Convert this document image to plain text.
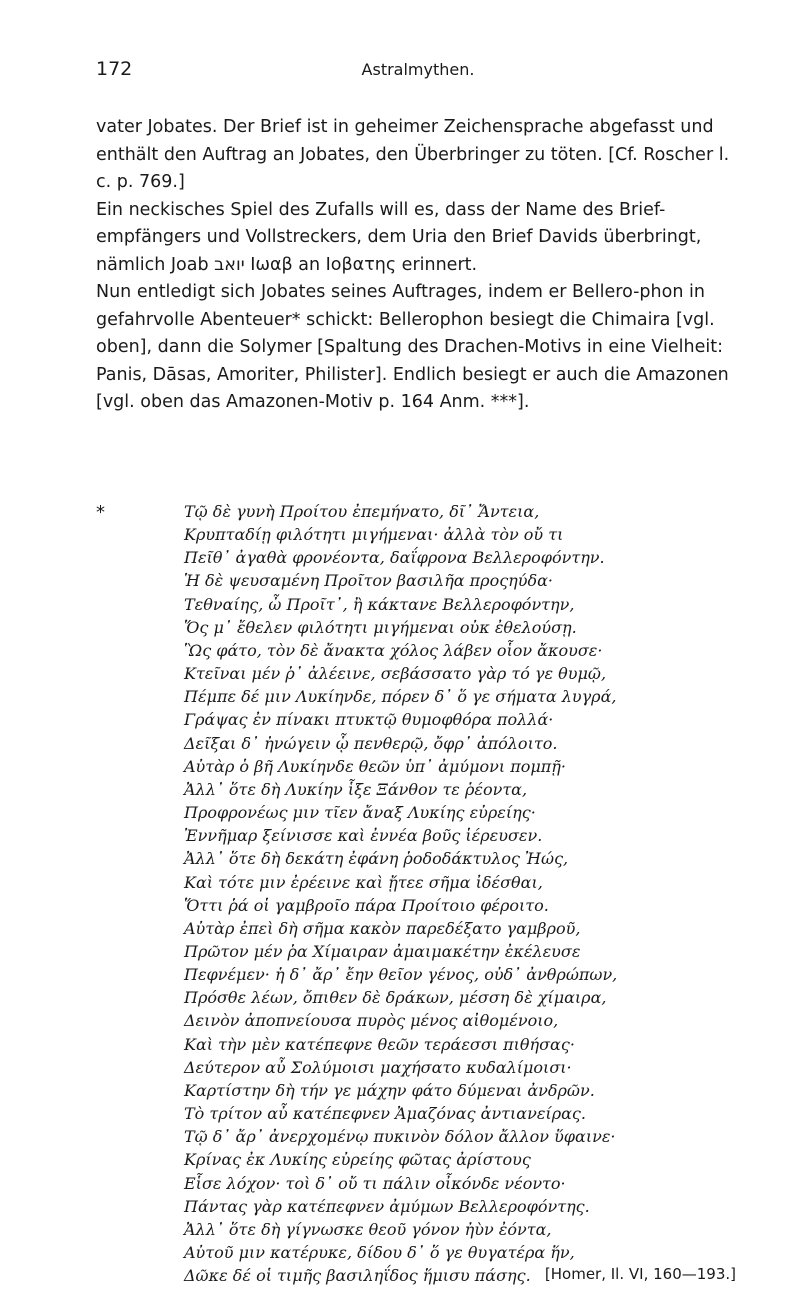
172	Astralmythen.

vater Jobates. Der Brief ist in geheimer Zeichensprache abgefasst und enthält den Auftrag an Jobates, den Überbringer zu töten. [Cf. Roscher l. c. p. 769.]

Ein neckisches Spiel des Zufalls will es, dass der Name des Brief-empfängers und Vollstreckers, dem Uria den Brief Davids überbringt, nämlich Joab יואב Ιωαβ an Ιοβατης erinnert.

Nun entledigt sich Jobates seines Auftrages, indem er Bellero-phon in gefahrvolle Abenteuer* schickt: Bellerophon besiegt die Chimaira [vgl. oben], dann die Solymer [Spaltung des Drachen-Motivs in eine Vielheit: Panis, Dāsas, Amoriter, Philister]. Endlich besiegt er auch die Amazonen [vgl. oben das Amazonen-Motiv p. 164 Anm. ***].

*	Τῷ δὲ γυνὴ Προίτου ἐπεμήνατο, δῖ᾽ Ἄντεια,
Κρυπταδίῃ φιλότητι μιγήμεναι· ἀλλὰ τὸν οὔ τι
Πεῖθ᾽ ἀγαθὰ φρονέοντα, δαΐφρονα Βελλεροφόντην.
Ἡ δὲ ψευσαμένη Προῖτον βασιλῆα προςηύδα·
Τεθναίης, ὦ Προῖτ᾽, ἢ κάκτανε Βελλεροφόντην,
Ὅς μ᾽ ἔθελεν φιλότητι μιγήμεναι οὐκ ἐθελούσῃ.
Ὣς φάτο, τὸν δὲ ἄνακτα χόλος λάβεν οἷον ἄκουσε·
Κτεῖναι μέν ῥ᾽ ἀλέεινε, σεβάσσατο γὰρ τό γε θυμῷ,
Πέμπε δέ μιν Λυκίηνδε, πόρεν δ᾽ ὅ γε σήματα λυγρά,
Γράψας ἐν πίνακι πτυκτῷ θυμοφθόρα πολλά·
Δεῖξαι δ᾽ ἠνώγειν ᾧ πενθερῷ, ὄφρ᾽ ἀπόλοιτο.
Αὐτὰρ ὁ βῆ Λυκίηνδε θεῶν ὑπ᾽ ἀμύμονι πομπῇ·
Ἀλλ᾽ ὅτε δὴ Λυκίην ἷξε Ξάνθον τε ῥέοντα,
Προφρονέως μιν τῖεν ἄναξ Λυκίης εὐρείης·
Ἐννῆμαρ ξείνισσε καὶ ἐννέα βοῦς ἱέρευσεν.
Ἀλλ᾽ ὅτε δὴ δεκάτη ἐφάνη ῥοδοδάκτυλος Ἠώς,
Καὶ τότε μιν ἐρέεινε καὶ ᾔτεε σῆμα ἰδέσθαι,
Ὅττι ῥά οἱ γαμβροῖο πάρα Προίτοιο φέροιτο.
Αὐτὰρ ἐπεὶ δὴ σῆμα κακὸν παρεδέξατο γαμβροῦ,
Πρῶτον μέν ῥα Χίμαιραν ἀμαιμακέτην ἐκέλευσε
Πεφνέμεν· ἡ δ᾽ ἄρ᾽ ἔην θεῖον γένος, οὐδ᾽ ἀνθρώπων,
Πρόσθε λέων, ὄπιθεν δὲ δράκων, μέσση δὲ χίμαιρα,
Δεινὸν ἀποπνείουσα πυρὸς μένος αἰθομένοιο,
Καὶ τὴν μὲν κατέπεφνε θεῶν τεράεσσι πιθήσας·
Δεύτερον αὖ Σολύμοισι μαχήσατο κυδαλίμοισι·
Καρτίστην δὴ τήν γε μάχην φάτο δύμεναι ἀνδρῶν.
Τὸ τρίτον αὖ κατέπεφνεν Ἀμαζόνας ἀντιανείρας.
Τῷ δ᾽ ἄρ᾽ ἀνερχομένῳ πυκινὸν δόλον ἄλλον ὕφαινε·
Κρίνας ἐκ Λυκίης εὐρείης φῶτας ἀρίστους
Εἷσε λόχον· τοὶ δ᾽ οὔ τι πάλιν οἶκόνδε νέοντο·
Πάντας γὰρ κατέπεφνεν ἀμύμων Βελλεροφόντης.
Ἀλλ᾽ ὅτε δὴ γίγνωσκε θεοῦ γόνον ἠὺν ἐόντα,
Αὐτοῦ μιν κατέρυκε, δίδου δ᾽ ὅ γε θυγατέρα ἥν,
Δῶκε δέ οἱ τιμῆς βασιληΐδος ἥμισυ πάσης. [Homer, Il. VI, 160—193.]
